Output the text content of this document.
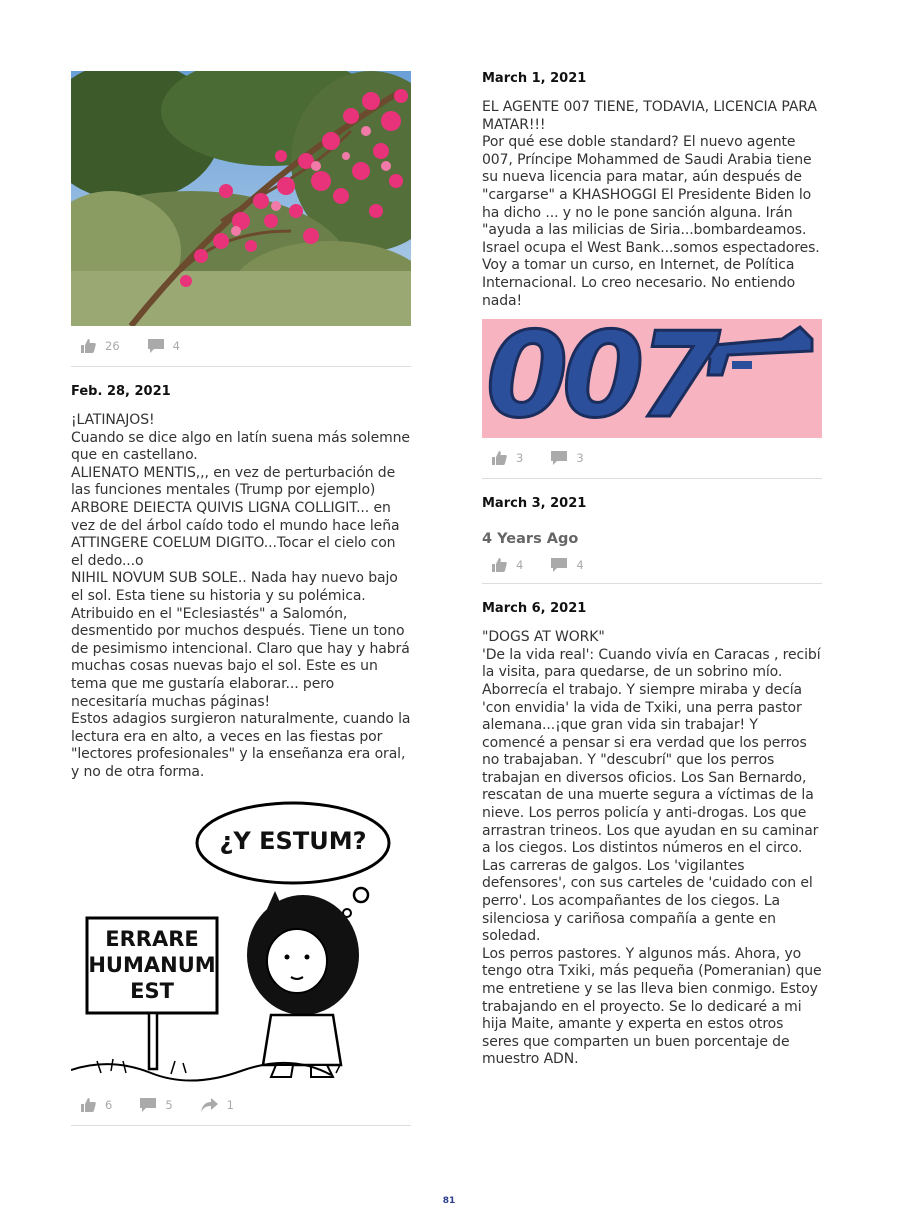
26	4
Feb. 28, 2021
¡LATINAJOS!
Cuando se dice algo en latín suena más solemne que en castellano.
ALIENATO MENTIS,,, en vez de perturbación de las funciones mentales (Trump por ejemplo)
ARBORE DEIECTA QUIVIS LIGNA COLLIGIT... en vez de del árbol caído todo el mundo hace leña
ATTINGERE COELUM DIGITO...Tocar el cielo con el dedo...o
NIHIL NOVUM SUB SOLE.. Nada hay nuevo bajo el sol. Esta tiene su historia y su polémica. Atribuido en el "Eclesiastés" a Salomón, desmentido por muchos después. Tiene un tono de pesimismo intencional. Claro que hay y habrá muchas cosas nuevas bajo el sol. Este es un tema que me gustaría elaborar... pero necesitaría muchas páginas!
Estos adagios surgieron naturalmente, cuando la lectura era en alto, a veces en las fiestas por "lectores profesionales" y la enseñanza era oral, y no de otra forma.
¿Y ESTUM?
ERRARE
HUMANUM
EST
6	5	1
March 1, 2021
EL AGENTE 007 TIENE, TODAVIA, LICENCIA PARA MATAR!!!
Por qué ese doble standard? El nuevo agente 007, Príncipe Mohammed de Saudi Arabia tiene su nueva licencia para matar, aún después de "cargarse" a KHASHOGGI El Presidente Biden lo ha dicho ... y no le pone sanción alguna. Irán "ayuda a las milicias de Siria...bombardeamos. Israel ocupa el West Bank...somos espectadores. Voy a tomar un curso, en Internet, de Política Internacional. Lo creo necesario. No entiendo nada!
007
3	3
March 3, 2021
4 Years Ago
4	4
March 6, 2021
"DOGS AT WORK"
'De la vida real': Cuando vivía en Caracas , recibí la visita, para quedarse, de un sobrino mío. Aborrecía el trabajo. Y siempre miraba y decía 'con envidia' la vida de Txiki, una perra pastor alemana...¡que gran vida sin trabajar! Y comencé a pensar si era verdad que los perros no trabajaban. Y "descubrí" que los perros trabajan en diversos oficios. Los San Bernardo, rescatan de una muerte segura a víctimas de la nieve. Los perros policía y anti-drogas. Los que arrastran trineos. Los que ayudan en su caminar a los ciegos. Los distintos números en el circo. Las carreras de galgos. Los 'vigilantes defensores', con sus carteles de 'cuidado con el perro'. Los acompañantes de los ciegos. La silenciosa y cariñosa compañía a gente en soledad.
Los perros pastores. Y algunos más. Ahora, yo tengo otra Txiki, más pequeña (Pomeranian) que me entretiene y se las lleva bien conmigo. Estoy trabajando en el proyecto. Se lo dedicaré a mi hija Maite, amante y experta en estos otros seres que comparten un buen porcentaje de muestro ADN.
81
